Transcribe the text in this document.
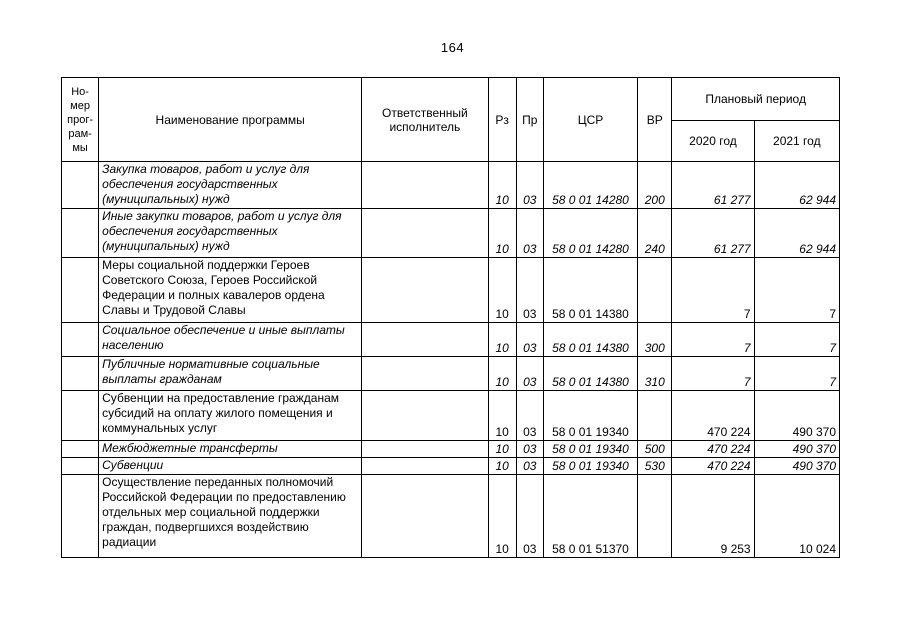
164
Но-
мер
прог-
рам-
мы	Наименование программы	Ответственный исполнитель	Рз	Пр	ЦСР	ВР	Плановый период	
							2020 год	2021 год
	Закупка товаров, работ и услуг для обеспечения государственных (муниципальных) нужд		10	03	58 0 01 14280	200	61 277	62 944
	Иные закупки товаров, работ и услуг для обеспечения государственных (муниципальных) нужд		10	03	58 0 01 14280	240	61 277	62 944
	Меры социальной поддержки Героев Советского Союза, Героев Российской Федерации и полных кавалеров ордена Славы и Трудовой Славы		10	03	58 0 01 14380		7	7
	Социальное обеспечение и иные выплаты населению		10	03	58 0 01 14380	300	7	7
	Публичные нормативные социальные выплаты гражданам		10	03	58 0 01 14380	310	7	7
	Субвенции на предоставление гражданам субсидий на оплату жилого помещения и коммунальных услуг		10	03	58 0 01 19340		470 224	490 370
	Межбюджетные трансферты		10	03	58 0 01 19340	500	470 224	490 370
	Субвенции		10	03	58 0 01 19340	530	470 224	490 370
	Осуществление переданных полномочий Российской Федерации по предоставлению отдельных мер социальной поддержки граждан, подвергшихся воздействию радиации		10	03	58 0 01 51370		9 253	10 024
